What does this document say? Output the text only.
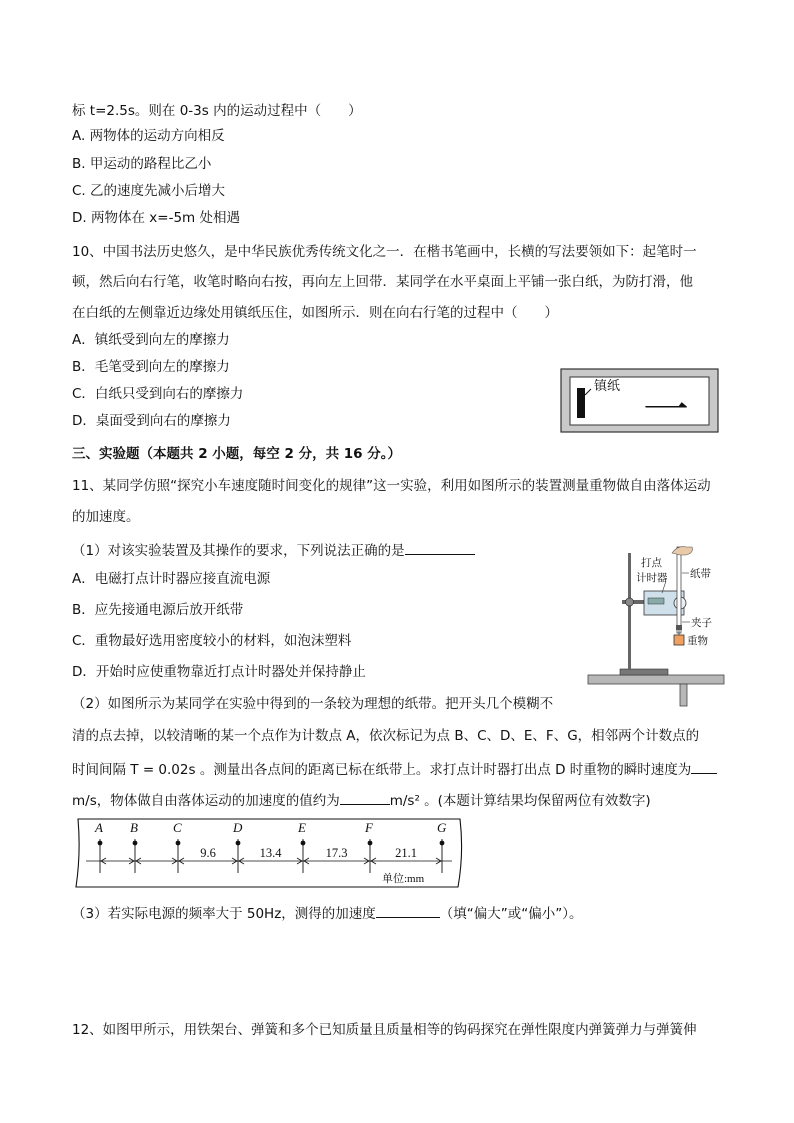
标 t=2.5s。则在 0-3s 内的运动过程中（　　）
A. 两物体的运动方向相反
B. 甲运动的路程比乙小
C. 乙的速度先减小后增大
D. 两物体在 x=-5m 处相遇
10、中国书法历史悠久，是中华民族优秀传统文化之一．在楷书笔画中，长横的写法要领如下：起笔时一
顿，然后向右行笔，收笔时略向右按，再向左上回带．某同学在水平桌面上平铺一张白纸，为防打滑，他
在白纸的左侧靠近边缘处用镇纸压住，如图所示．则在向右行笔的过程中（　　）
A．镇纸受到向左的摩擦力
B．毛笔受到向左的摩擦力
C．白纸只受到向右的摩擦力
D．桌面受到向右的摩擦力
镇纸 一
三、实验题（本题共 2 小题，每空 2 分，共 16 分。）
11、某同学仿照“探究小车速度随时间变化的规律”这一实验，利用如图所示的装置测量重物做自由落体运动
的加速度。
（1）对该实验装置及其操作的要求，下列说法正确的是
A．电磁打点计时器应接直流电源
B．应先接通电源后放开纸带
C．重物最好选用密度较小的材料，如泡沫塑料
D．开始时应使重物靠近打点计时器处并保持静止
打点
计时器 纸带
夹子
重物
（2）如图所示为某同学在实验中得到的一条较为理想的纸带。把开头几个模糊不
清的点去掉，以较清晰的某一个点作为计数点 A，依次标记为点 B、C、D、E、F、G，相邻两个计数点的
时间间隔 T = 0.02s 。测量出各点间的距离已标在纸带上。求打点计时器打出点 D 时重物的瞬时速度为
m/s，物体做自由落体运动的加速度的值约为	m/s² 。(本题计算结果均保留两位有效数字)
A B	C	D	E	F	G
9.6	13.4	17.3	21.1
单位:mm
（3）若实际电源的频率大于 50Hz，测得的加速度	（填“偏大”或“偏小”）。
12、如图甲所示，用铁架台、弹簧和多个已知质量且质量相等的钩码探究在弹性限度内弹簧弹力与弹簧伸
